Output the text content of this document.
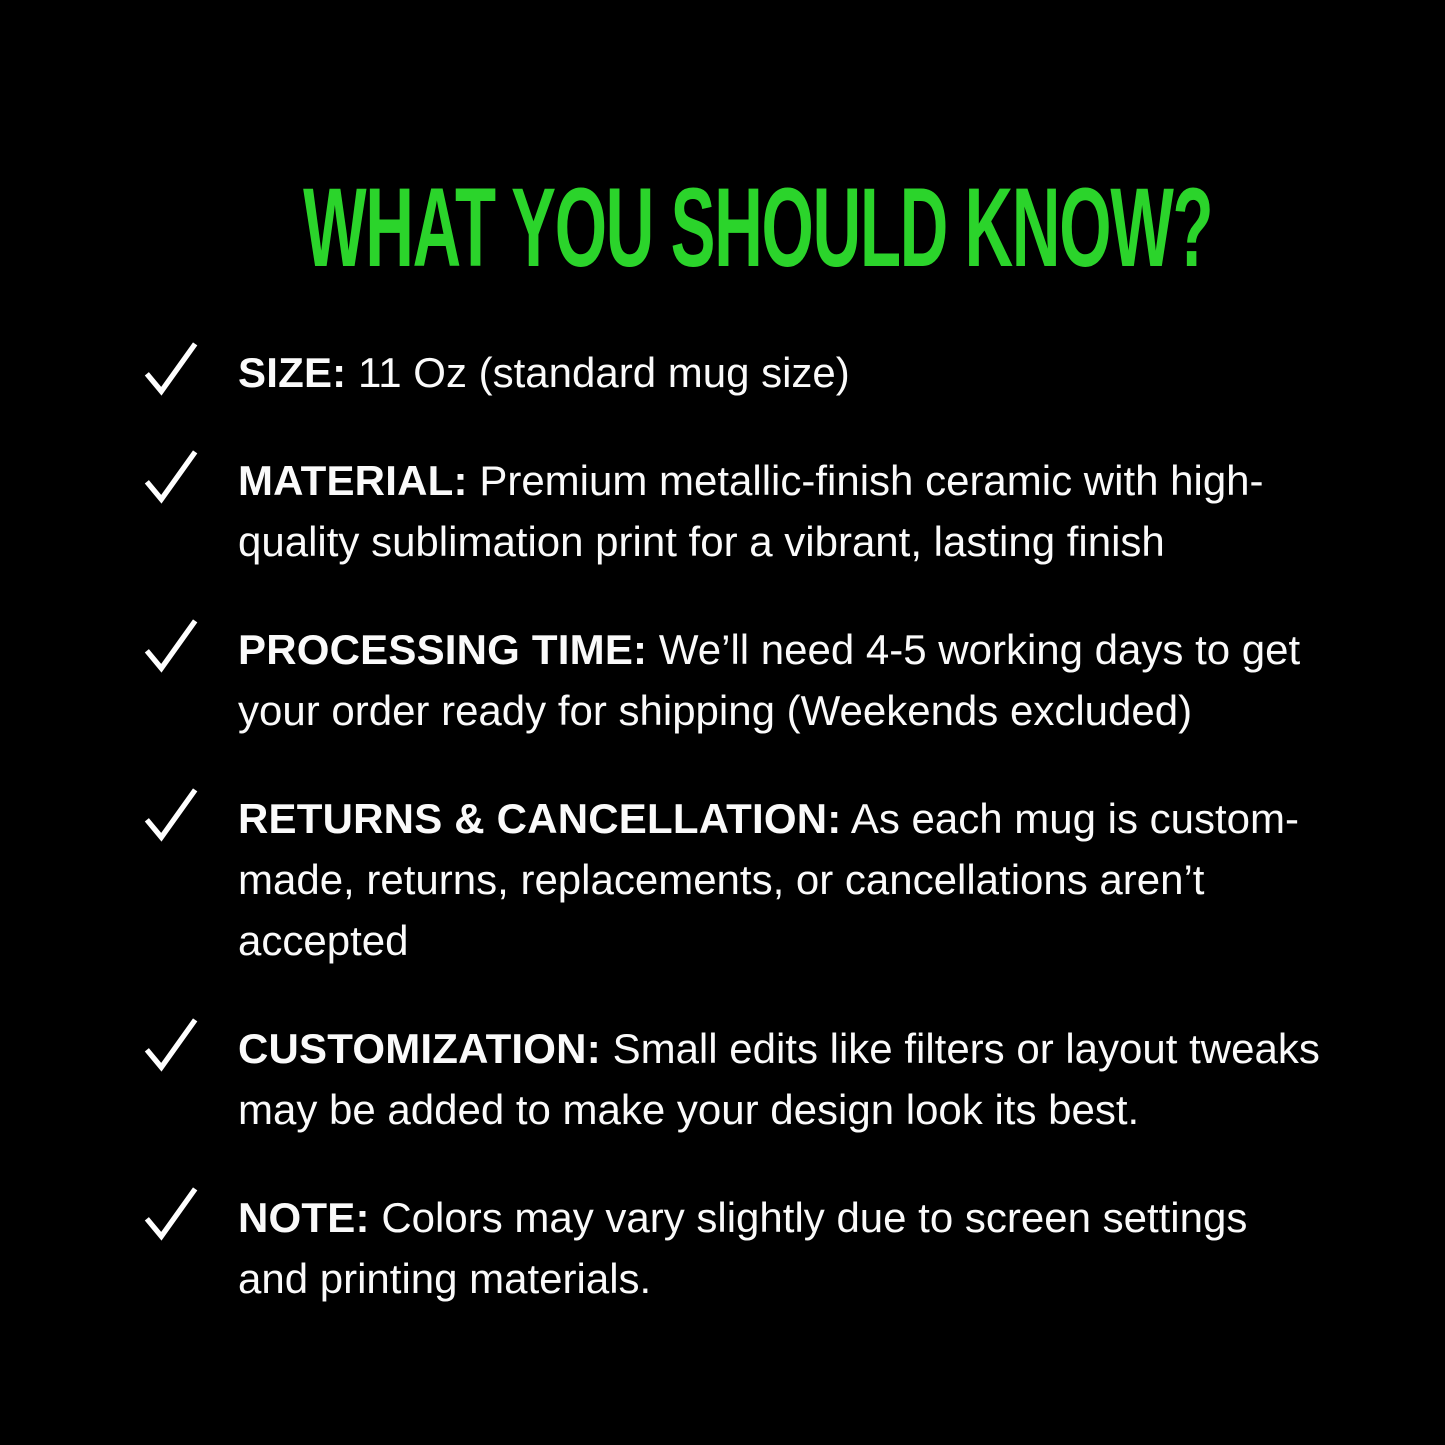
WHAT YOU SHOULD KNOW?

SIZE: 11 Oz (standard mug size)

MATERIAL: Premium metallic-finish ceramic with high-quality sublimation print for a vibrant, lasting finish

PROCESSING TIME: We’ll need 4-5 working days to get your order ready for shipping (Weekends excluded)

RETURNS & CANCELLATION: As each mug is custom-made, returns, replacements, or cancellations aren’t accepted

CUSTOMIZATION: Small edits like filters or layout tweaks may be added to make your design look its best.

NOTE: Colors may vary slightly due to screen settings and printing materials.
